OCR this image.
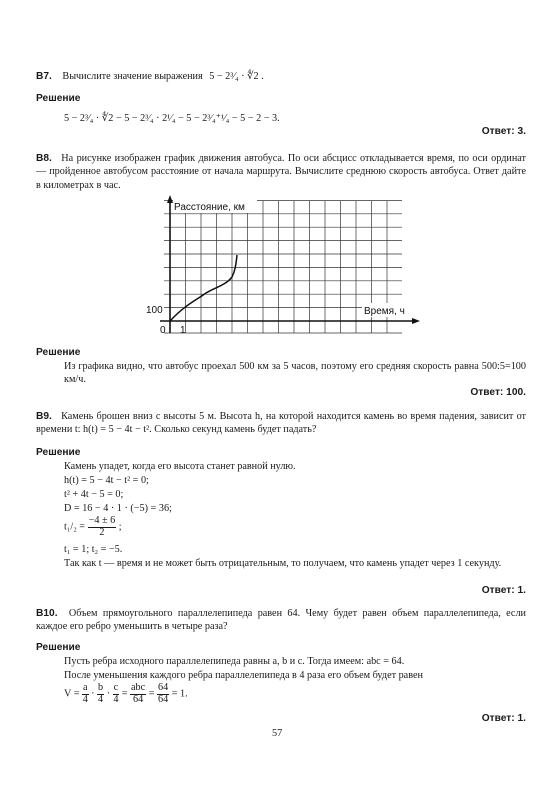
В7. Вычислите значение выражения 5 − 2³⁄₄ · ∜2 .
Решение
5 − 2³⁄₄ · ∜2 − 5 − 2³⁄₄ · 2¹⁄₄ − 5 − 2³⁄₄⁺¹⁄₄ − 5 − 2 − 3.
Ответ: 3.
В8. На рисунке изображен график движения автобуса. По оси абсцисс откладывается время, по оси ординат — пройденное автобусом расстояние от начала маршрута. Вычислите среднюю скорость автобуса. Ответ дайте в километрах в час.
Расстояние, км
Время, ч
100
0 1
Решение
Из графика видно, что автобус проехал 500 км за 5 часов, поэтому его средняя скорость равна 500:5=100 км/ч.
Ответ: 100.
В9. Камень брошен вниз с высоты 5 м. Высота h, на которой находится камень во время падения, зависит от времени t: h(t) = 5 − 4t − t². Сколько секунд камень будет падать?
Решение
Камень упадет, когда его высота станет равной нулю.
h(t) = 5 − 4t − t² = 0;
t² + 4t − 5 = 0;
D = 16 − 4 · 1 · (−5) = 36;
$t_1/_2 = \frac{-4 \pm 6}{2}$ ;
t₁ = 1; t₂ = −5.
Так как t — время и не может быть отрицательным, то получаем, что камень упадет через 1 секунду.
Ответ: 1.
В10. Объем прямоугольного параллелепипеда равен 64. Чему будет равен объем параллелепипеда, если каждое его ребро уменьшить в четыре раза?
Решение
Пусть ребра исходного параллелепипеда равны a, b и c. Тогда имеем: abc = 64.
После уменьшения каждого ребра параллелепипеда в 4 раза его объем будет равен
$V = \frac{a}{4} \cdot \frac{b}{4} \cdot \frac{c}{4} = \frac{\text{abc}}{64} = \frac{64}{64} = 1$.
Ответ: 1.
57
